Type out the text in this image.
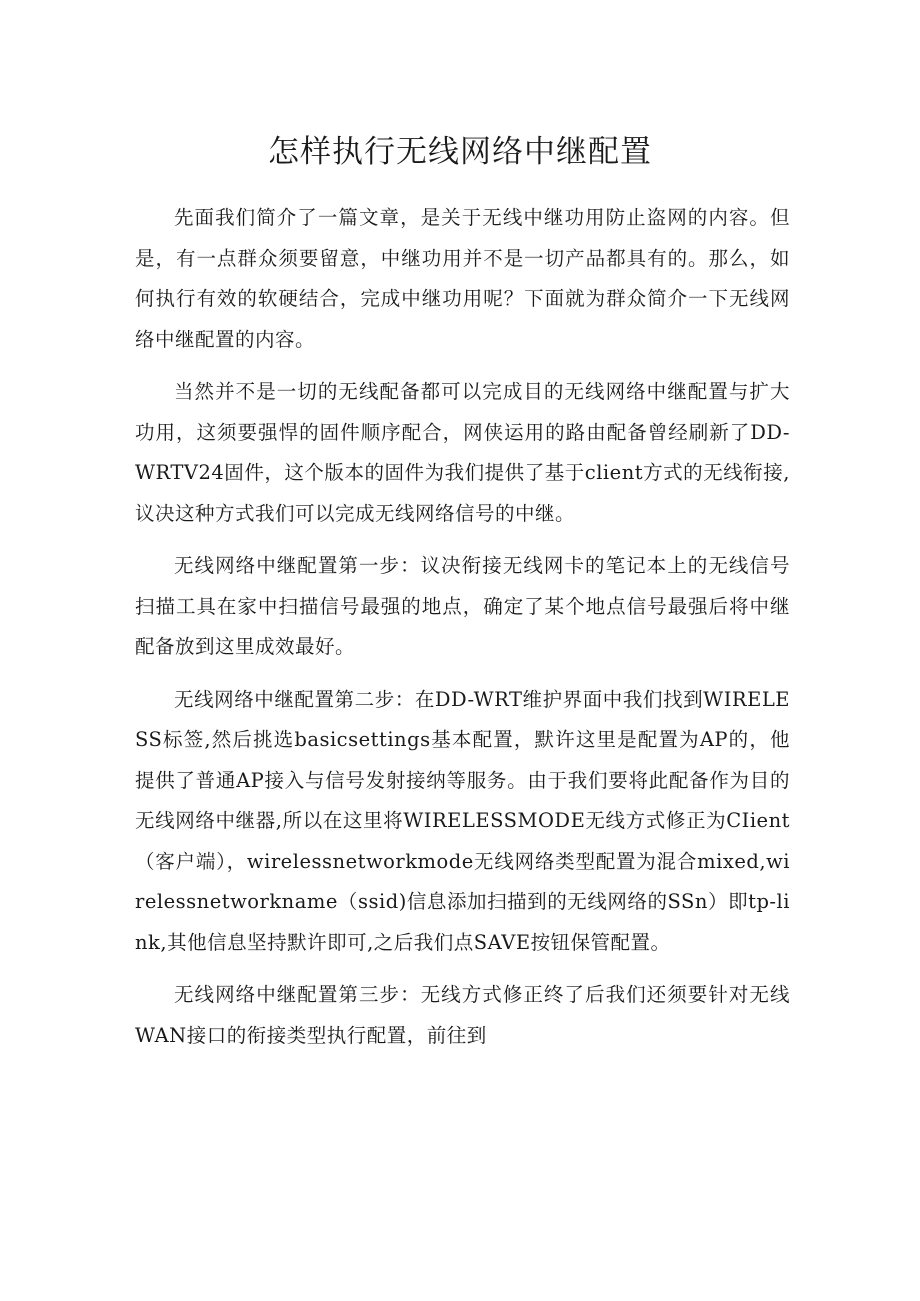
怎样执行无线网络中继配置

先面我们简介了一篇文章，是关于无线中继功用防止盗网的内容。但是，有一点群众须要留意，中继功用并不是一切产品都具有的。那么，如何执行有效的软硬结合，完成中继功用呢？下面就为群众简介一下无线网络中继配置的内容。

当然并不是一切的无线配备都可以完成目的无线网络中继配置与扩大功用，这须要强悍的固件顺序配合，网侠运用的路由配备曾经刷新了DD-WRTV24固件，这个版本的固件为我们提供了基于client方式的无线衔接,议决这种方式我们可以完成无线网络信号的中继。

无线网络中继配置第一步：议决衔接无线网卡的笔记本上的无线信号扫描工具在家中扫描信号最强的地点，确定了某个地点信号最强后将中继配备放到这里成效最好。

无线网络中继配置第二步：在DD-WRT维护界面中我们找到WIRELESS标签,然后挑选basicsettings基本配置，默许这里是配置为AP的，他提供了普通AP接入与信号发射接纳等服务。由于我们要将此配备作为目的无线网络中继器,所以在这里将WIRELESSMODE无线方式修正为CIient（客户端），wirelessnetworkmode无线网络类型配置为混合mixed,wirelessnetworkname（ssid)信息添加扫描到的无线网络的SSn）即tp-link,其他信息坚持默许即可,之后我们点SAVE按钮保管配置。

无线网络中继配置第三步：无线方式修正终了后我们还须要针对无线WAN接口的衔接类型执行配置，前往到
